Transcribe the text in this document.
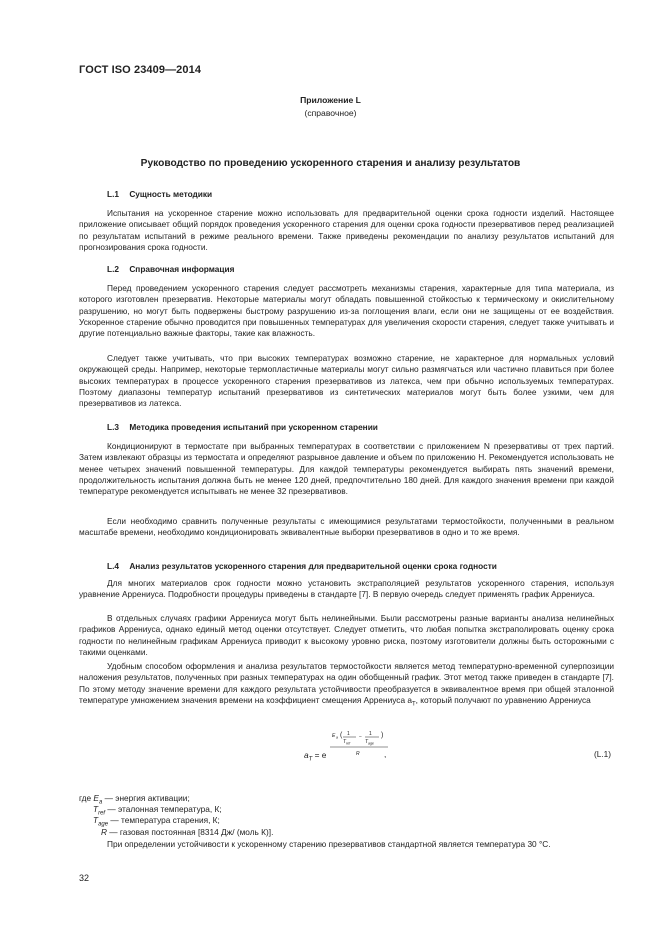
ГОСТ ISO 23409—2014
Приложение L
(справочное)
Руководство по проведению ускоренного старения и анализу результатов
L.1 Сущность методики
Испытания на ускоренное старение можно использовать для предварительной оценки срока годности изделий. Настоящее приложение описывает общий порядок проведения ускоренного старения для оценки срока годности презервативов перед реализацией по результатам испытаний в режиме реального времени. Также приведены рекомендации по анализу результатов испытаний для прогнозирования срока годности.
L.2 Справочная информация
Перед проведением ускоренного старения следует рассмотреть механизмы старения, характерные для типа материала, из которого изготовлен презерватив. Некоторые материалы могут обладать повышенной стойкостью к термическому и окислительному разрушению, но могут быть подвержены быстрому разрушению из-за поглощения влаги, если они не защищены от ее воздействия. Ускоренное старение обычно проводится при повышенных температурах для увеличения скорости старения, следует также учитывать и другие потенциально важные факторы, такие как влажность.
Следует также учитывать, что при высоких температурах возможно старение, не характерное для нормальных условий окружающей среды. Например, некоторые термопластичные материалы могут сильно размягчаться или частично плавиться при более высоких температурах в процессе ускоренного старения презервативов из латекса, чем при обычно используемых температурах. Поэтому диапазоны температур испытаний презервативов из синтетических материалов могут быть более узкими, чем для презервативов из латекса.
L.3 Методика проведения испытаний при ускоренном старении
Кондиционируют в термостате при выбранных температурах в соответствии с приложением N презервативы от трех партий. Затем извлекают образцы из термостата и определяют разрывное давление и объем по приложению H. Рекомендуется использовать не менее четырех значений повышенной температуры. Для каждой температуры рекомендуется выбирать пять значений времени, продолжительность испытания должна быть не менее 120 дней, предпочтительно 180 дней. Для каждого значения времени при каждой температуре рекомендуется испытывать не менее 32 презервативов.
Если необходимо сравнить полученные результаты с имеющимися результатами термостойкости, полученными в реальном масштабе времени, необходимо кондиционировать эквивалентные выборки презервативов в одно и то же время.
L.4 Анализ результатов ускоренного старения для предварительной оценки срока годности
Для многих материалов срок годности можно установить экстраполяцией результатов ускоренного старения, используя уравнение Аррениуса. Подробности процедуры приведены в стандарте [7]. В первую очередь следует применять график Аррениуса.
В отдельных случаях графики Аррениуса могут быть нелинейными. Были рассмотрены разные варианты анализа нелинейных графиков Аррениуса, однако единый метод оценки отсутствует. Следует отметить, что любая попытка экстраполировать оценку срока годности по нелинейным графикам Аррениуса приводит к высокому уровню риска, поэтому изготовители должны быть осторожными с такими оценками.
Удобным способом оформления и анализа результатов термостойкости является метод температурно-временной суперпозиции наложения результатов, полученных при разных температурах на один обобщенный график. Этот метод также приведен в стандарте [7]. По этому методу значение времени для каждого результата устойчивости преобразуется в эквивалентное время при общей эталонной температуре умножением значения времени на коэффициент смещения Аррениуса $a_T$, который получают по уравнению Аррениуса
$a_T = e$
E a ( 1
T ref
− 1
T age
)
R	,	(L.1)
где $E_a$ — энергия активации;
$T_{ref}$ — эталонная температура, К;
$T_{age}$ — температура старения, К;
R — газовая постоянная [8314 Дж/ (моль К)].
При определении устойчивости к ускоренному старению презервативов стандартной является температура 30 °C.
32
